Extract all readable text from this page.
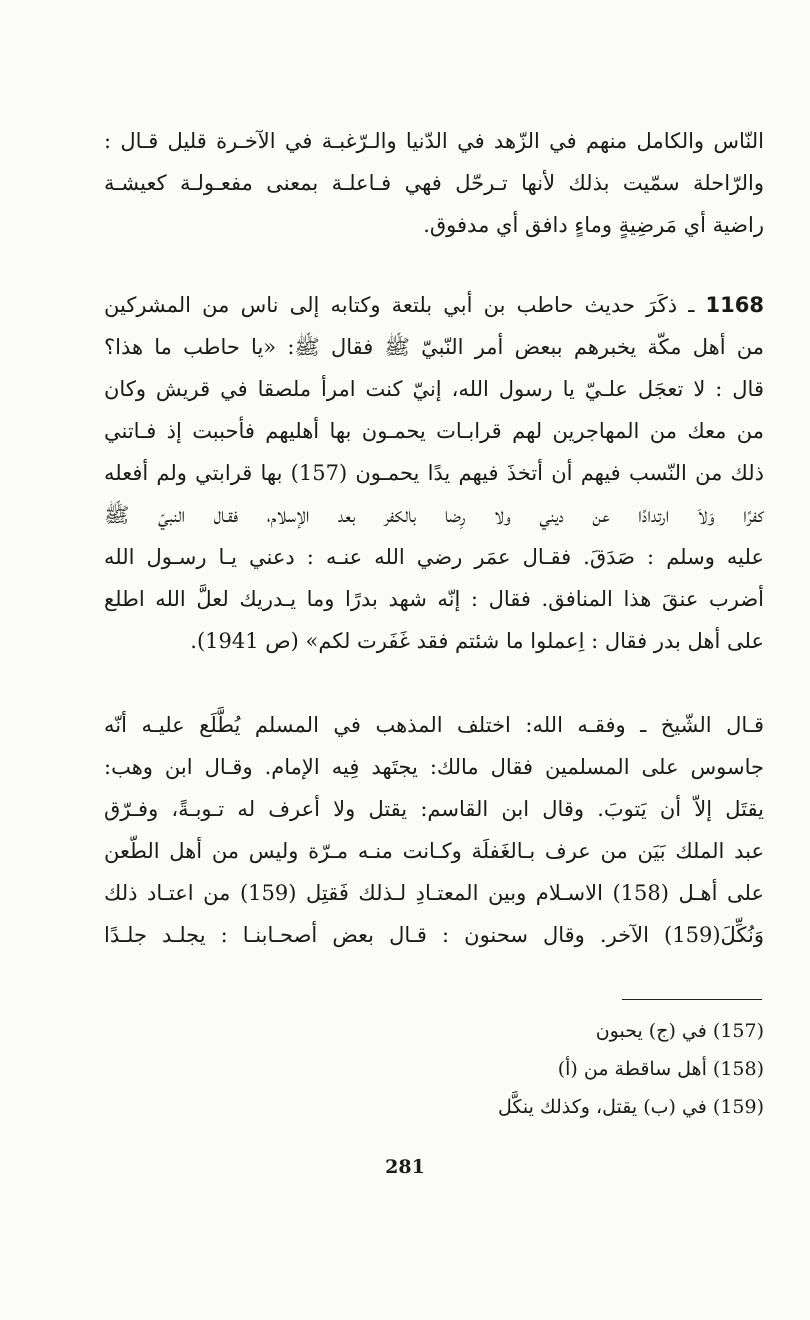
النّاس والكامل منهم في الزّهد في الدّنيا والـرّغبـة في الآخـرة قليل قـال :
والرّاحلة سمّيت بذلك لأنها تـرحّل فهي فـاعلـة بمعنى مفعـولـة كعيشـة
راضية أي مَرضِيةٍ وماءٍ دافق أي مدفوق.
1168 ـ ذكَرَ حديث حاطب بن أبي بلتعة وكتابه إلى ناس من المشركين
من أهل مكّة يخبرهم ببعض أمر النّبيّ ﷺ فقال ﷺ: «يا حاطب ما هذا؟
قال : لا تعجَل علـيّ يا رسول الله، إنيّ كنت امرأ ملصقا في قريش وكان
من معك من المهاجرين لهم قرابـات يحمـون بها أهليهم فأحببت إذ فـاتني
ذلك من النّسب فيهم أن أتخذَ فيهم يدًا يحمـون (157) بها قرابتي ولم أفعله
كفرًا وَلاَ ارتدادًا عن ديني ولا رِضا بالكفر بعد الإسلام، فقـال النبيّ ﷺ
عليه وسلم : صَدَقَ. فقـال عمَر رضي الله عنـه : دعني يـا رسـول الله
أضرب عنقَ هذا المنافق. فقال : إنّه شهد بدرًا وما يـدريك لعلَّ الله اطلع
على أهل بدر فقال : اِعملوا ما شئتم فقد غَفَرت لكم» (ص 1941).
قـال الشّيخ ـ وفقـه الله: اختلف المذهب في المسلم يُطَّلَع عليـه أنّه
جاسوس على المسلمين فقال مالك: يجتَهد فِيه الإمام. وقـال ابن وهب:
يقتَل إلاّ أن يَتوبَ. وقال ابن القاسم: يقتل ولا أعرف له تـوبـةً، وفـرّق
عبد الملك بَيَن من عرف بـالغَفلَة وكـانت منـه مـرّة وليس من أهل الطّعن
على أهـل (158) الاسـلام وبين المعتـادِ لـذلك فَقتِل (159) من اعتـاد ذلك
وَنُكِّلَ(159) الآخر. وقال سحنون : قـال بعض أصحـابنـا : يجلـد جلـدًا
(157) في (ج) يحبون
(158) أهل ساقطة من (أ)
(159) في (ب) يقتل، وكذلك ينكَّل
281
